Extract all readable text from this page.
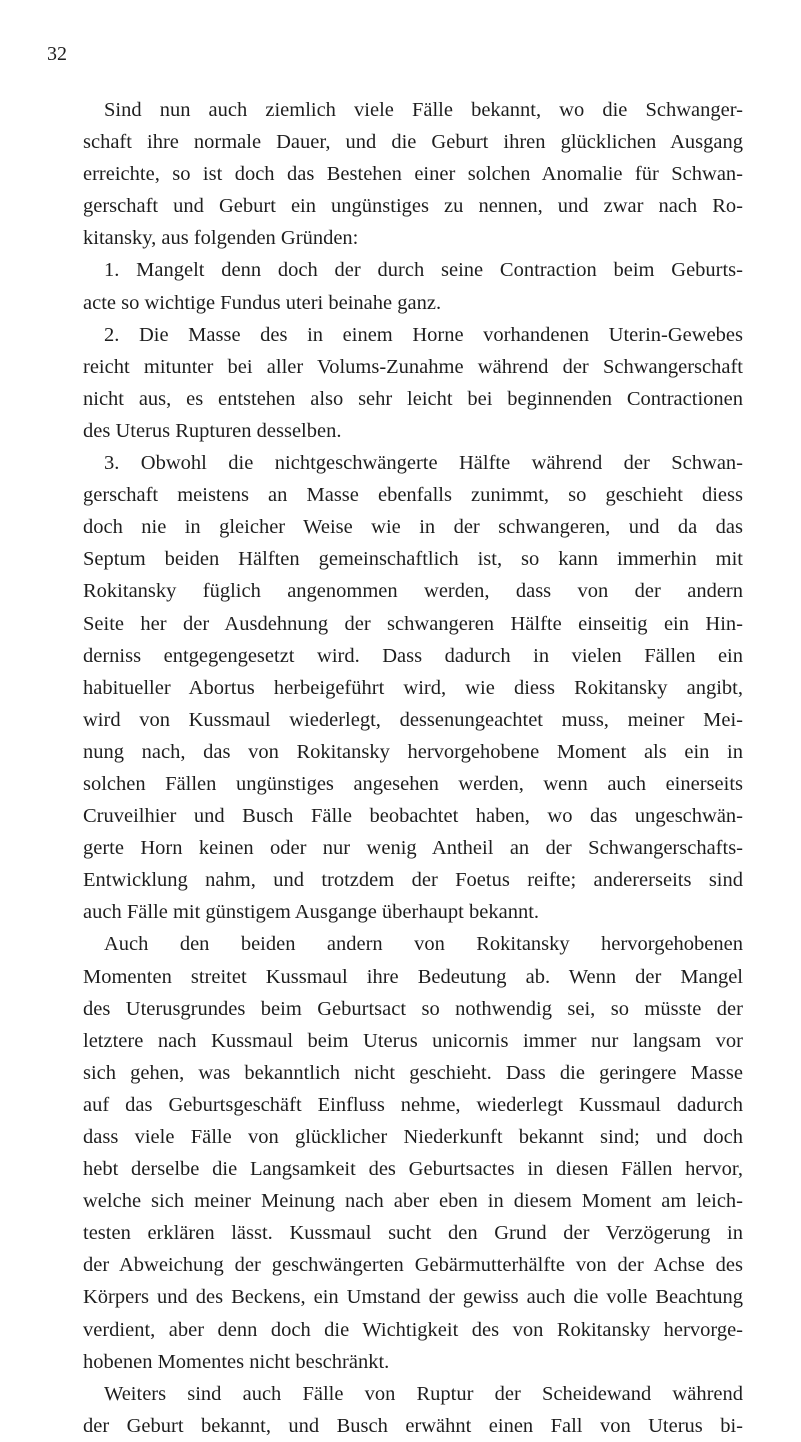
32
Sind nun auch ziemlich viele Fälle bekannt, wo die Schwanger-
schaft ihre normale Dauer, und die Geburt ihren glücklichen Ausgang
erreichte, so ist doch das Bestehen einer solchen Anomalie für Schwan-
gerschaft und Geburt ein ungünstiges zu nennen, und zwar nach Ro-
kitansky, aus folgenden Gründen:
1. Mangelt denn doch der durch seine Contraction beim Geburts-
acte so wichtige Fundus uteri beinahe ganz.
2. Die Masse des in einem Horne vorhandenen Uterin-Gewebes
reicht mitunter bei aller Volums-Zunahme während der Schwangerschaft
nicht aus, es entstehen also sehr leicht bei beginnenden Contractionen
des Uterus Rupturen desselben.
3. Obwohl die nichtgeschwängerte Hälfte während der Schwan-
gerschaft meistens an Masse ebenfalls zunimmt, so geschieht diess
doch nie in gleicher Weise wie in der schwangeren, und da das
Septum beiden Hälften gemeinschaftlich ist, so kann immerhin mit
Rokitansky füglich angenommen werden, dass von der andern
Seite her der Ausdehnung der schwangeren Hälfte einseitig ein Hin-
derniss entgegengesetzt wird. Dass dadurch in vielen Fällen ein
habitueller Abortus herbeigeführt wird, wie diess Rokitansky angibt,
wird von Kussmaul wiederlegt, dessenungeachtet muss, meiner Mei-
nung nach, das von Rokitansky hervorgehobene Moment als ein in
solchen Fällen ungünstiges angesehen werden, wenn auch einerseits
Cruveilhier und Busch Fälle beobachtet haben, wo das ungeschwän-
gerte Horn keinen oder nur wenig Antheil an der Schwangerschafts-
Entwicklung nahm, und trotzdem der Foetus reifte; andererseits sind
auch Fälle mit günstigem Ausgange überhaupt bekannt.
Auch den beiden andern von Rokitansky hervorgehobenen
Momenten streitet Kussmaul ihre Bedeutung ab. Wenn der Mangel
des Uterusgrundes beim Geburtsact so nothwendig sei, so müsste der
letztere nach Kussmaul beim Uterus unicornis immer nur langsam vor
sich gehen, was bekanntlich nicht geschieht. Dass die geringere Masse
auf das Geburtsgeschäft Einfluss nehme, wiederlegt Kussmaul dadurch
dass viele Fälle von glücklicher Niederkunft bekannt sind; und doch
hebt derselbe die Langsamkeit des Geburtsactes in diesen Fällen hervor,
welche sich meiner Meinung nach aber eben in diesem Moment am leich-
testen erklären lässt. Kussmaul sucht den Grund der Verzögerung in
der Abweichung der geschwängerten Gebärmutterhälfte von der Achse des
Körpers und des Beckens, ein Umstand der gewiss auch die volle Beachtung
verdient, aber denn doch die Wichtigkeit des von Rokitansky hervorge-
hobenen Momentes nicht beschränkt.
Weiters sind auch Fälle von Ruptur der Scheidewand während
der Geburt bekannt, und Busch erwähnt einen Fall von Uterus bi-
